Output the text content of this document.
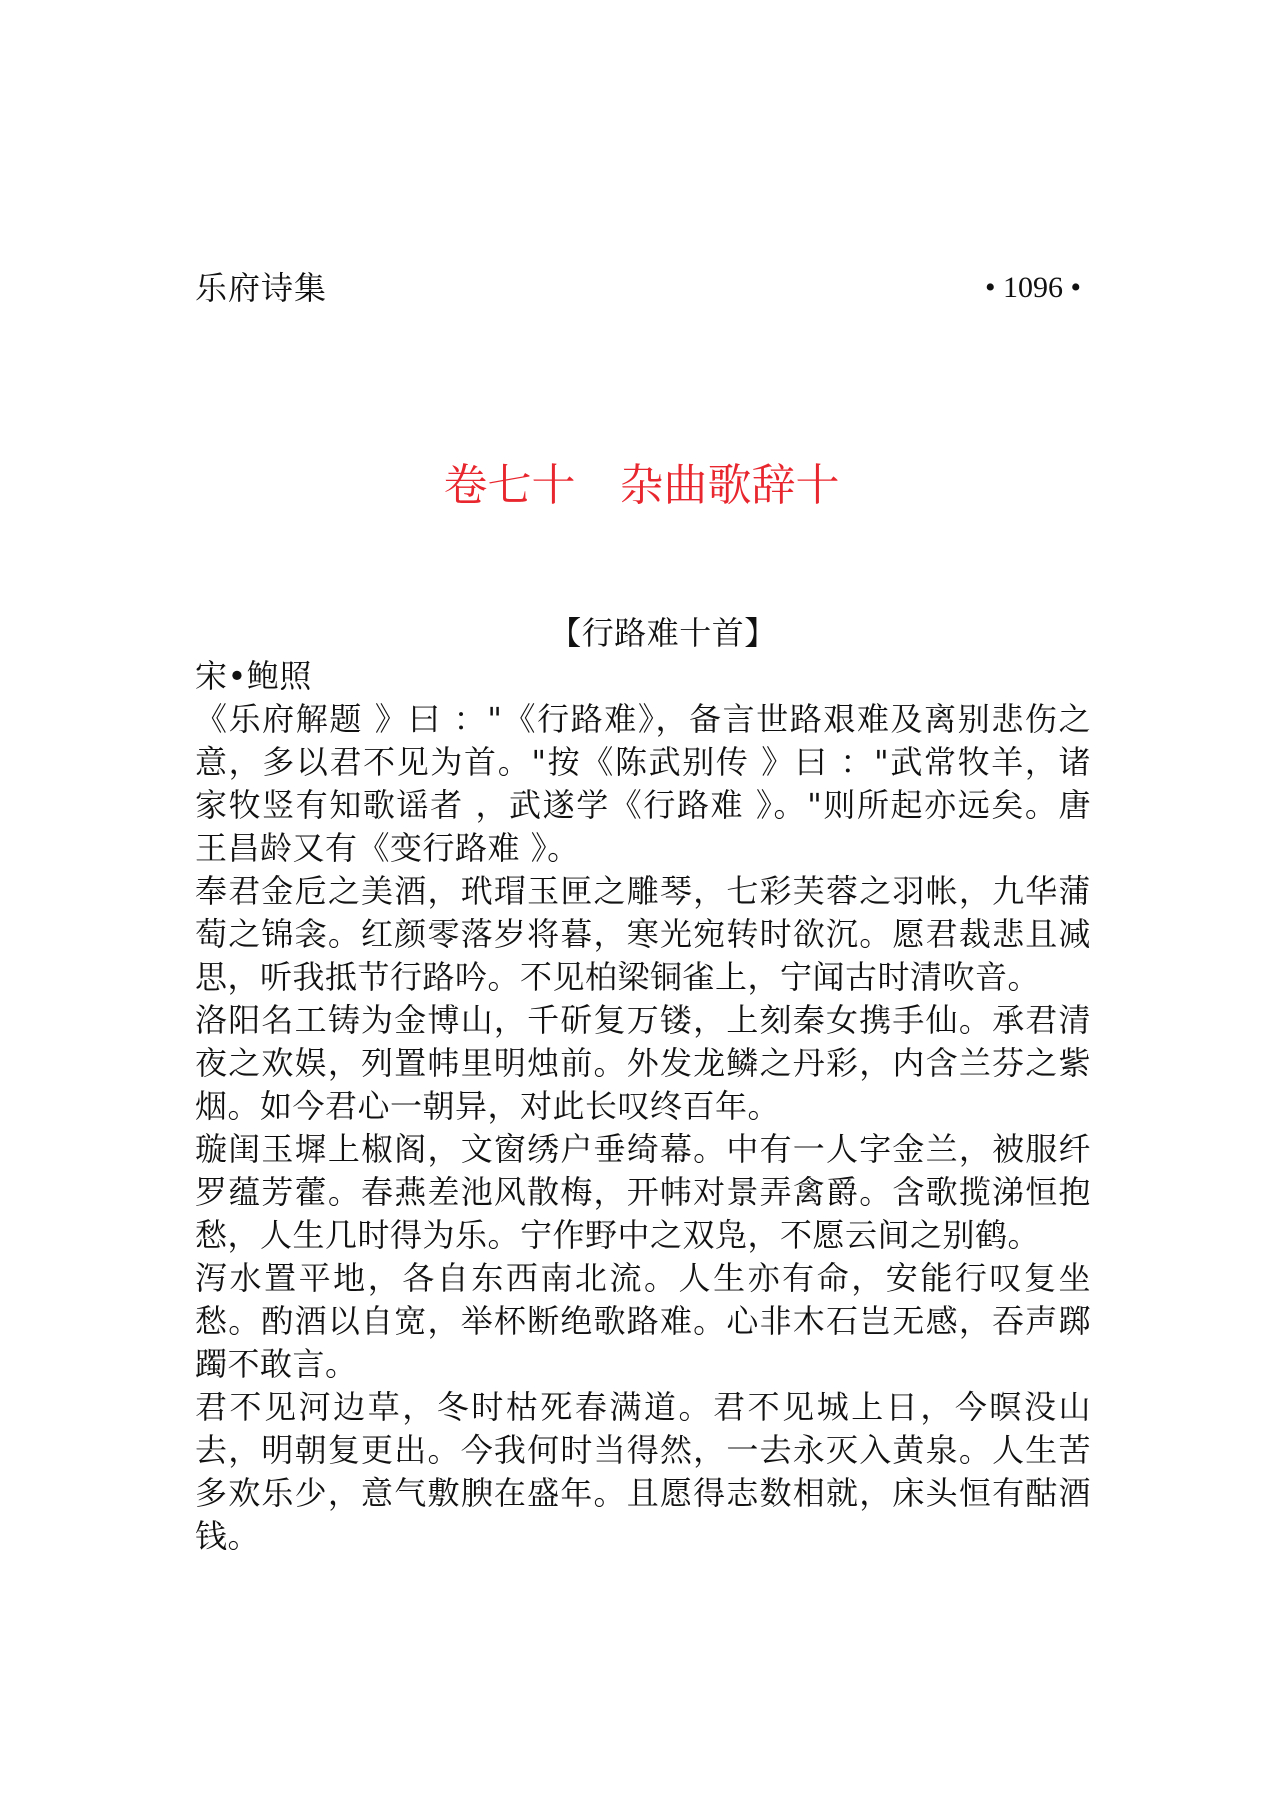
乐府诗集	• 1096 •
卷七十 杂曲歌辞十
【行路难十首】

宋•鲍照

《乐府解题 》曰 ："《行路难》，备言世路艰难及离别悲伤之意，多以君不见为首。"按《陈武别传 》曰 ："武常牧羊，诸家牧竖有知歌谣者 ，武遂学《行路难 》。"则所起亦远矣。唐王昌龄又有《变行路难 》。

奉君金卮之美酒，玳瑁玉匣之雕琴，七彩芙蓉之羽帐，九华蒲萄之锦衾。红颜零落岁将暮，寒光宛转时欲沉。愿君裁悲且减思，听我抵节行路吟。不见柏梁铜雀上，宁闻古时清吹音。

洛阳名工铸为金博山，千斫复万镂，上刻秦女携手仙。承君清夜之欢娱，列置帏里明烛前。外发龙鳞之丹彩，内含兰芬之紫烟。如今君心一朝异，对此长叹终百年。

璇闺玉墀上椒阁，文窗绣户垂绮幕。中有一人字金兰，被服纤罗蕴芳藿。春燕差池风散梅，开帏对景弄禽爵。含歌揽涕恒抱愁，人生几时得为乐。宁作野中之双凫，不愿云间之别鹤。

泻水置平地，各自东西南北流。人生亦有命，安能行叹复坐愁。酌酒以自宽，举杯断绝歌路难。心非木石岂无感，吞声踯躅不敢言。

君不见河边草，冬时枯死春满道。君不见城上日，今暝没山去，明朝复更出。今我何时当得然，一去永灭入黄泉。人生苦多欢乐少，意气敷腴在盛年。且愿得志数相就，床头恒有酤酒钱。
